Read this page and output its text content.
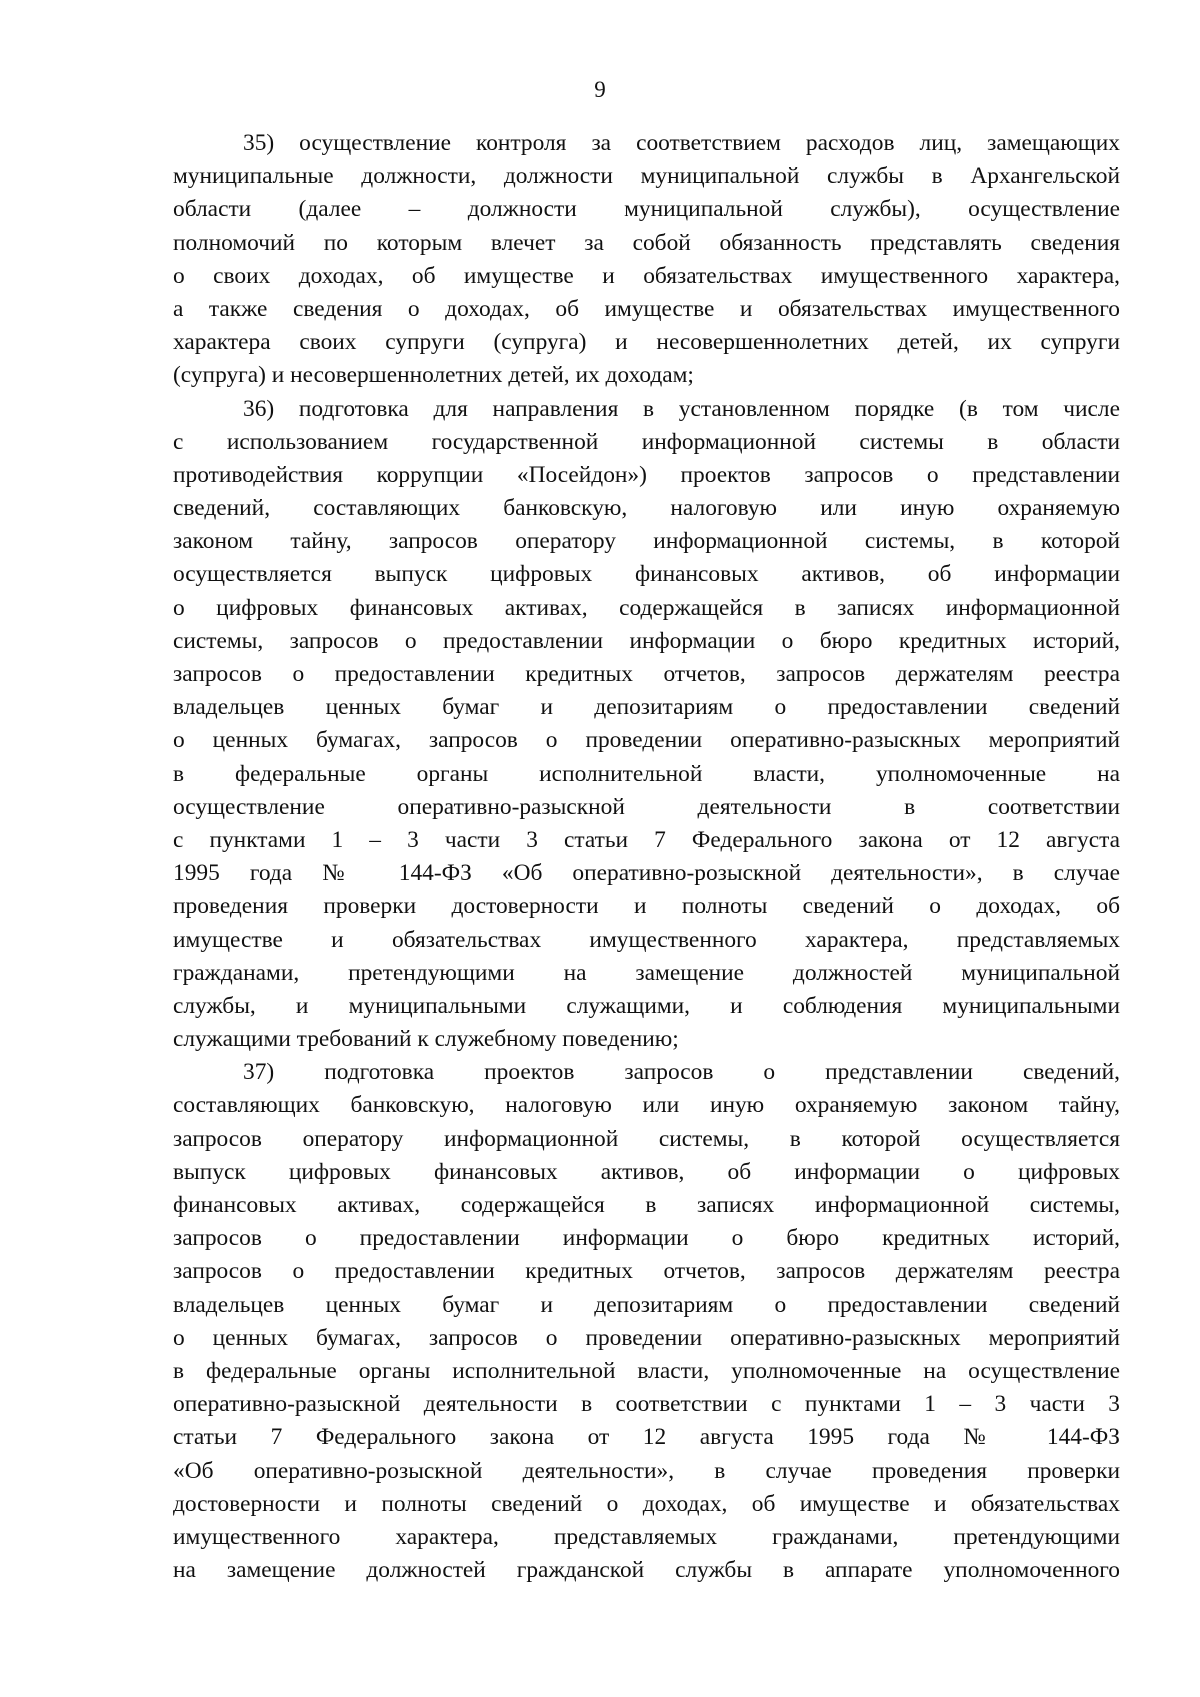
9
35) осуществление контроля за соответствием расходов лиц, замещающих
муниципальные должности, должности муниципальной службы в Архангельской
области (далее – должности муниципальной службы), осуществление
полномочий по которым влечет за собой обязанность представлять сведения
о своих доходах, об имуществе и обязательствах имущественного характера,
а также сведения о доходах, об имуществе и обязательствах имущественного
характера своих супруги (супруга) и несовершеннолетних детей, их супруги
(супруга) и несовершеннолетних детей, их доходам;
36) подготовка для направления в установленном порядке (в том числе
с использованием государственной информационной системы в области
противодействия коррупции «Посейдон») проектов запросов о представлении
сведений, составляющих банковскую, налоговую или иную охраняемую
законом тайну, запросов оператору информационной системы, в которой
осуществляется выпуск цифровых финансовых активов, об информации
о цифровых финансовых активах, содержащейся в записях информационной
системы, запросов о предоставлении информации о бюро кредитных историй,
запросов о предоставлении кредитных отчетов, запросов держателям реестра
владельцев ценных бумаг и депозитариям о предоставлении сведений
о ценных бумагах, запросов о проведении оперативно-разыскных мероприятий
в федеральные органы исполнительной власти, уполномоченные на
осуществление оперативно-разыскной деятельности в соответствии
с пунктами 1 – 3 части 3 статьи 7 Федерального закона от 12 августа
1995 года № 144-ФЗ «Об оперативно-розыскной деятельности», в случае
проведения проверки достоверности и полноты сведений о доходах, об
имуществе и обязательствах имущественного характера, представляемых
гражданами, претендующими на замещение должностей муниципальной
службы, и муниципальными служащими, и соблюдения муниципальными
служащими требований к служебному поведению;
37) подготовка проектов запросов о представлении сведений,
составляющих банковскую, налоговую или иную охраняемую законом тайну,
запросов оператору информационной системы, в которой осуществляется
выпуск цифровых финансовых активов, об информации о цифровых
финансовых активах, содержащейся в записях информационной системы,
запросов о предоставлении информации о бюро кредитных историй,
запросов о предоставлении кредитных отчетов, запросов держателям реестра
владельцев ценных бумаг и депозитариям о предоставлении сведений
о ценных бумагах, запросов о проведении оперативно-разыскных мероприятий
в федеральные органы исполнительной власти, уполномоченные на осуществление
оперативно-разыскной деятельности в соответствии с пунктами 1 – 3 части 3
статьи 7 Федерального закона от 12 августа 1995 года № 144-ФЗ
«Об оперативно-розыскной деятельности», в случае проведения проверки
достоверности и полноты сведений о доходах, об имуществе и обязательствах
имущественного характера, представляемых гражданами, претендующими
на замещение должностей гражданской службы в аппарате уполномоченного
